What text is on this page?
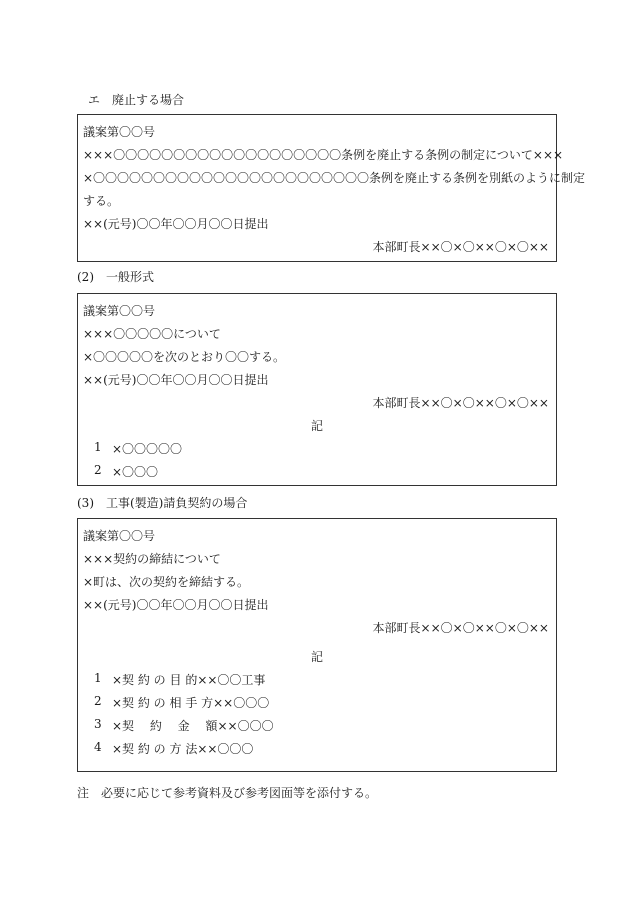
エ　廃止する場合
議案第〇〇号
×××〇〇〇〇〇〇〇〇〇〇〇〇〇〇〇〇〇〇〇条例を廃止する条例の制定について×××
×〇〇〇〇〇〇〇〇〇〇〇〇〇〇〇〇〇〇〇〇〇〇〇条例を廃止する条例を別紙のように制定
する。
××(元号)〇〇年〇〇月〇〇日提出
本部町長××〇×〇××〇×〇××
(2)　一般形式
議案第〇〇号
×××〇〇〇〇〇について
×〇〇〇〇〇を次のとおり〇〇する。
××(元号)〇〇年〇〇月〇〇日提出
本部町長××〇×〇××〇×〇××
記
1 ×〇〇〇〇〇
2 ×〇〇〇
(3)　工事(製造)請負契約の場合
議案第〇〇号
×××契約の締結について
×町は、次の契約を締結する。
××(元号)〇〇年〇〇月〇〇日提出
本部町長××〇×〇××〇×〇××
記
1 ×契 約 の 目 的××〇〇工事
2 ×契 約 の 相 手 方××〇〇〇
3 ×契　 約　 金　 額××〇〇〇
4 ×契 約 の 方 法××〇〇〇
注　必要に応じて参考資料及び参考図面等を添付する。
